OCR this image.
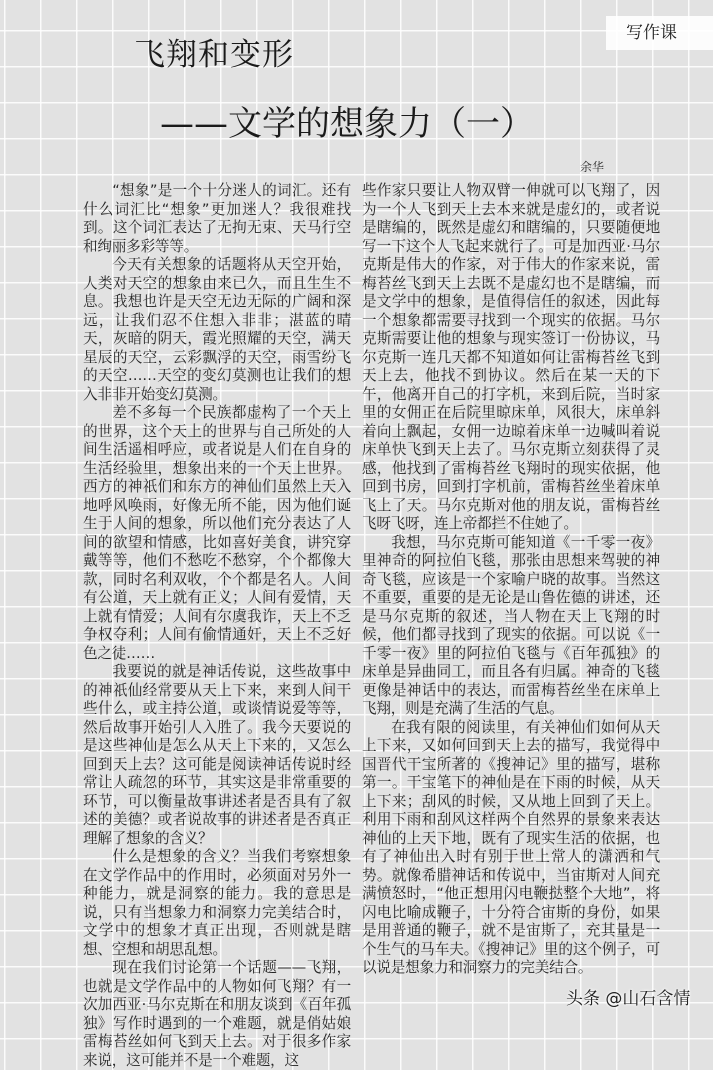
写作课
飞翔和变形
——文学的想象力（一）
余华

“想象”是一个十分迷人的词汇。还有什么词汇比“想象”更加迷人？我很难找到。这个词汇表达了无拘无束、天马行空和绚丽多彩等等。

今天有关想象的话题将从天空开始，人类对天空的想象由来已久，而且生生不息。我想也许是天空无边无际的广阔和深远，让我们忍不住想入非非；湛蓝的晴天，灰暗的阴天，霞光照耀的天空，满天星辰的天空，云彩飘浮的天空，雨雪纷飞的天空……天空的变幻莫测也让我们的想入非非开始变幻莫测。

差不多每一个民族都虚构了一个天上的世界，这个天上的世界与自己所处的人间生活遥相呼应，或者说是人们在自身的生活经验里，想象出来的一个天上世界。西方的神祇们和东方的神仙们虽然上天入地呼风唤雨，好像无所不能，因为他们诞生于人间的想象，所以他们充分表达了人间的欲望和情感，比如喜好美食，讲究穿戴等等，他们不愁吃不愁穿，个个都像大款，同时名利双收，个个都是名人。人间有公道，天上就有正义；人间有爱情，天上就有情爱；人间有尔虞我诈，天上不乏争权夺利；人间有偷情通奸，天上不乏好色之徒……

我要说的就是神话传说，这些故事中的神祇仙经常要从天上下来，来到人间干些什么，或主持公道，或谈情说爱等等，然后故事开始引人入胜了。我今天要说的是这些神仙是怎么从天上下来的，又怎么回到天上去？这可能是阅读神话传说时经常让人疏忽的环节，其实这是非常重要的环节，可以衡量故事讲述者是否具有了叙述的美德？或者说故事的讲述者是否真正理解了想象的含义？

什么是想象的含义？当我们考察想象在文学作品中的作用时，必须面对另外一种能力，就是洞察的能力。我的意思是说，只有当想象力和洞察力完美结合时，文学中的想象才真正出现，否则就是瞎想、空想和胡思乱想。

现在我们讨论第一个话题——飞翔，也就是文学作品中的人物如何飞翔？有一次加西亚·马尔克斯在和朋友谈到《百年孤独》写作时遇到的一个难题，就是俏姑娘雷梅苔丝如何飞到天上去。对于很多作家来说，这可能并不是一个难题，这

些作家只要让人物双臂一伸就可以飞翔了，因为一个人飞到天上去本来就是虚幻的，或者说是瞎编的，既然是虚幻和瞎编的，只要随便地写一下这个人飞起来就行了。可是加西亚·马尔克斯是伟大的作家，对于伟大的作家来说，雷梅苔丝飞到天上去既不是虚幻也不是瞎编，而是文学中的想象，是值得信任的叙述，因此每一个想象都需要寻找到一个现实的依据。马尔克斯需要让他的想象与现实签订一份协议，马尔克斯一连几天都不知道如何让雷梅苔丝飞到天上去，他找不到协议。然后在某一天的下午，他离开自己的打字机，来到后院，当时家里的女佣正在后院里晾床单，风很大，床单斜着向上飘起，女佣一边晾着床单一边喊叫着说床单快飞到天上去了。马尔克斯立刻获得了灵感，他找到了雷梅苔丝飞翔时的现实依据，他回到书房，回到打字机前，雷梅苔丝坐着床单飞上了天。马尔克斯对他的朋友说，雷梅苔丝飞呀飞呀，连上帝都拦不住她了。

我想，马尔克斯可能知道《一千零一夜》里神奇的阿拉伯飞毯，那张由思想来驾驶的神奇飞毯，应该是一个家喻户晓的故事。当然这不重要，重要的是无论是山鲁佐德的讲述，还是马尔克斯的叙述，当人物在天上飞翔的时候，他们都寻找到了现实的依据。可以说《一千零一夜》里的阿拉伯飞毯与《百年孤独》的床单是异曲同工，而且各有归属。神奇的飞毯更像是神话中的表达，而雷梅苔丝坐在床单上飞翔，则是充满了生活的气息。

在我有限的阅读里，有关神仙们如何从天上下来，又如何回到天上去的描写，我觉得中国晋代干宝所著的《搜神记》里的描写，堪称第一。干宝笔下的神仙是在下雨的时候，从天上下来；刮风的时候，又从地上回到了天上。利用下雨和刮风这样两个自然界的景象来表达神仙的上天下地，既有了现实生活的依据，也有了神仙出入时有别于世上常人的潇洒和气势。就像希腊神话和传说中，当宙斯对人间充满愤怒时，“他正想用闪电鞭挞整个大地”，将闪电比喻成鞭子，十分符合宙斯的身份，如果是用普通的鞭子，就不是宙斯了，充其量是一个生气的马车夫。《搜神记》里的这个例子，可以说是想象力和洞察力的完美结合。

头条 @山石含情
